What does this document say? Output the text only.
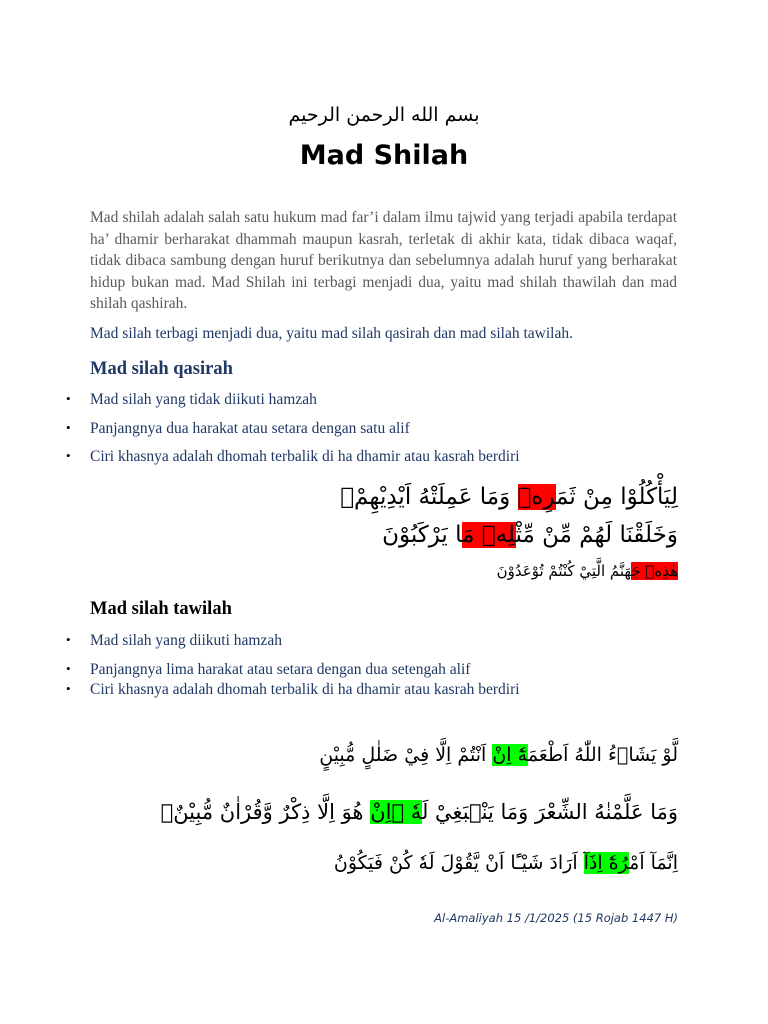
بسم الله الرحمن الرحيم
Mad Shilah

Mad shilah adalah salah satu hukum mad far’i dalam ilmu tajwid yang terjadi apabila terdapat ha’ dhamir berharakat dhammah maupun kasrah, terletak di akhir kata, tidak dibaca waqaf, tidak dibaca sambung dengan huruf berikutnya dan sebelumnya adalah huruf yang berharakat hidup bukan mad. Mad Shilah ini terbagi menjadi dua, yaitu mad shilah thawilah dan mad shilah qashirah.

Mad silah terbagi menjadi dua, yaitu mad silah qasirah dan mad silah tawilah.

Mad silah qasirah
• Mad silah yang tidak diikuti hamzah
• Panjangnya dua harakat atau setara dengan satu alif
• Ciri khasnya adalah dhomah terbalik di ha dhamir atau kasrah berdiri
لِيَأْكُلُوْا مِنْ ثَمَرِهٖ وَمَا عَمِلَتْهُ اَيْدِيْهِمْۗ
وَخَلَقْنَا لَهُمْ مِّنْ مِّثْلِهٖ مَا يَرْكَبُوْنَ
هٰذِهٖ جَهَنَّمُ الَّتِيْ كُنْتُمْ تُوْعَدُوْنَ
Mad silah tawilah
• Mad silah yang diikuti hamzah
• Panjangnya lima harakat atau setara dengan dua setengah alif
• Ciri khasnya adalah dhomah terbalik di ha dhamir atau kasrah berdiri
لَّوْ يَشَاۤءُ اللّٰهُ اَطْعَمَهٗٓ اِنْ اَنْتُمْ اِلَّا فِيْ ضَلٰلٍ مُّبِيْنٍ
وَمَا عَلَّمْنٰهُ الشِّعْرَ وَمَا يَنْۢبَغِيْ لَهٗ ۗاِنْ هُوَ اِلَّا ذِكْرٌ وَّقُرْاٰنٌ مُّبِيْنٌۙ
اِنَّمَآ اَمْرُهٗٓ اِذَآ اَرَادَ شَيْـًٔا اَنْ يَّقُوْلَ لَهٗ كُنْ فَيَكُوْنُ
Al-Amaliyah 15 /1/2025 (15 Rojab 1447 H)
